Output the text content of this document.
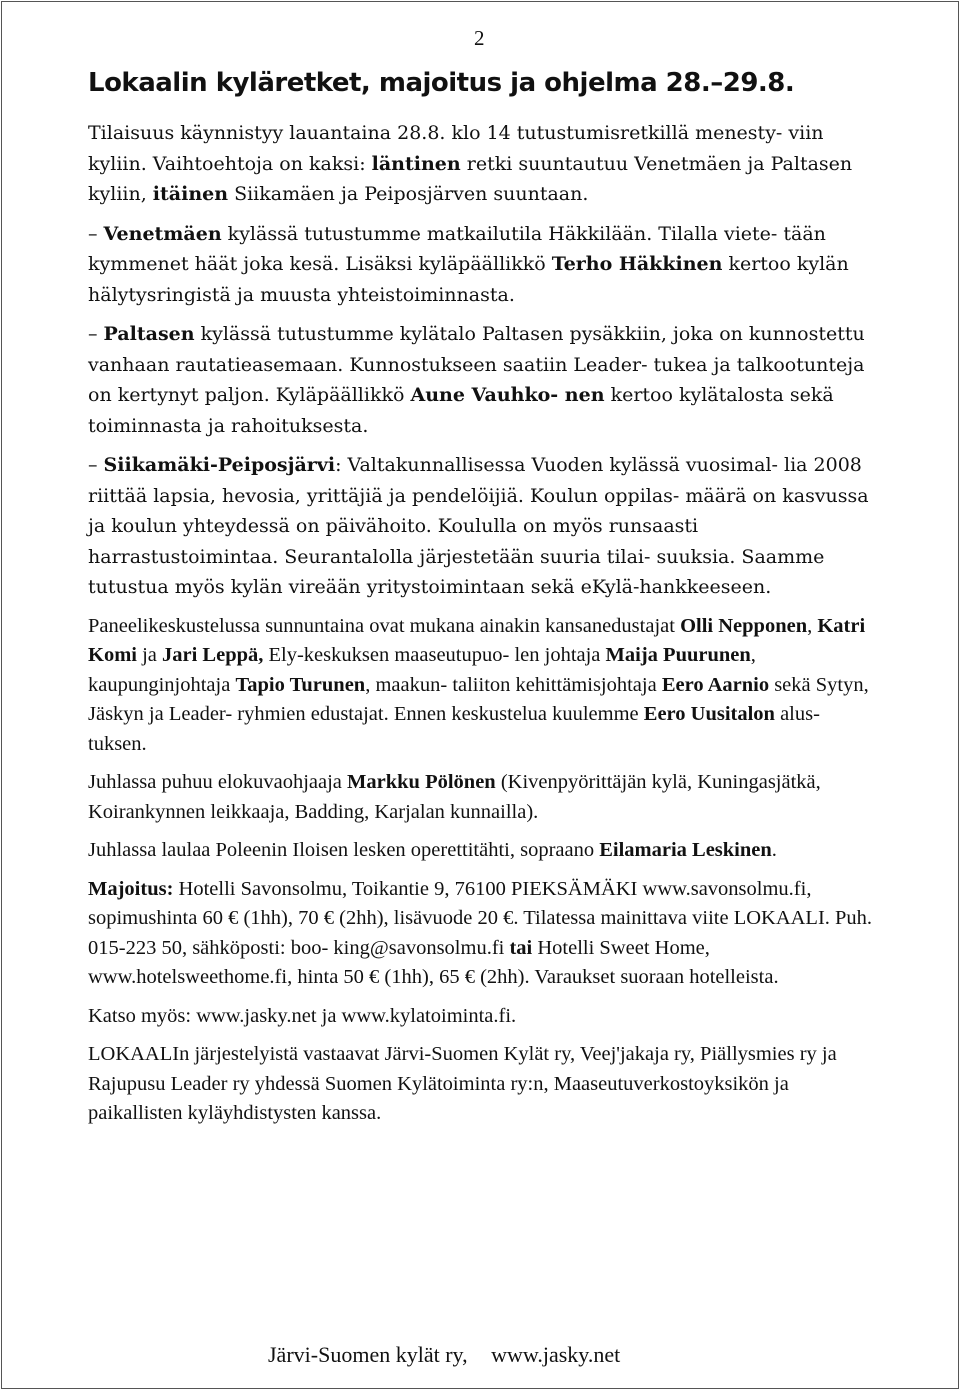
2
Lokaalin kyläretket, majoitus ja ohjelma 28.–29.8.

Tilaisuus käynnistyy lauantaina 28.8. klo 14 tutustumisretkillä menesty- viin kyliin. Vaihtoehtoja on kaksi: läntinen retki suuntautuu Venetmäen ja Paltasen kyliin, itäinen Siikamäen ja Peiposjärven suuntaan.

– Venetmäen kylässä tutustumme matkailutila Häkkilään. Tilalla viete- tään kymmenet häät joka kesä. Lisäksi kyläpäällikkö Terho Häkkinen kertoo kylän hälytysringistä ja muusta yhteistoiminnasta.

– Paltasen kylässä tutustumme kylätalo Paltasen pysäkkiin, joka on kunnostettu vanhaan rautatieasemaan. Kunnostukseen saatiin Leader- tukea ja talkootunteja on kertynyt paljon. Kyläpäällikkö Aune Vauhko- nen kertoo kylätalosta sekä toiminnasta ja rahoituksesta.

– Siikamäki-Peiposjärvi: Valtakunnallisessa Vuoden kylässä vuosimal- lia 2008 riittää lapsia, hevosia, yrittäjiä ja pendelöijiä. Koulun oppilas- määrä on kasvussa ja koulun yhteydessä on päivähoito. Koululla on myös runsaasti harrastustoimintaa. Seurantalolla järjestetään suuria tilai- suuksia. Saamme tutustua myös kylän vireään yritystoimintaan sekä eKylä-hankkeeseen.

Paneelikeskustelussa sunnuntaina ovat mukana ainakin kansanedustajat Olli Nepponen, Katri Komi ja Jari Leppä, Ely-keskuksen maaseutupuo- len johtaja Maija Puurunen, kaupunginjohtaja Tapio Turunen, maakun- taliiton kehittämisjohtaja Eero Aarnio sekä Sytyn, Jäskyn ja Leader- ryhmien edustajat. Ennen keskustelua kuulemme Eero Uusitalon alus- tuksen.

Juhlassa puhuu elokuvaohjaaja Markku Pölönen (Kivenpyörittäjän kylä, Kuningasjätkä, Koirankynnen leikkaaja, Badding, Karjalan kunnailla).

Juhlassa laulaa Poleenin Iloisen lesken operettitähti, sopraano Eilamaria Leskinen.

Majoitus: Hotelli Savonsolmu, Toikantie 9, 76100 PIEKSÄMÄKI www.savonsolmu.fi, sopimushinta 60 € (1hh), 70 € (2hh), lisävuode 20 €. Tilatessa mainittava viite LOKAALI. Puh. 015-223 50, sähköposti: boo- king@savonsolmu.fi tai Hotelli Sweet Home, www.hotelsweethome.fi, hinta 50 € (1hh), 65 € (2hh). Varaukset suoraan hotelleista.

Katso myös: www.jasky.net ja www.kylatoiminta.fi.

LOKAALIn järjestelyistä vastaavat Järvi-Suomen Kylät ry, Veej'jakaja ry, Piällysmies ry ja Rajupusu Leader ry yhdessä Suomen Kylätoiminta ry:n, Maaseutuverkostoyksikön ja paikallisten kyläyhdistysten kanssa.

Järvi-Suomen kylät ry, www.jasky.net
